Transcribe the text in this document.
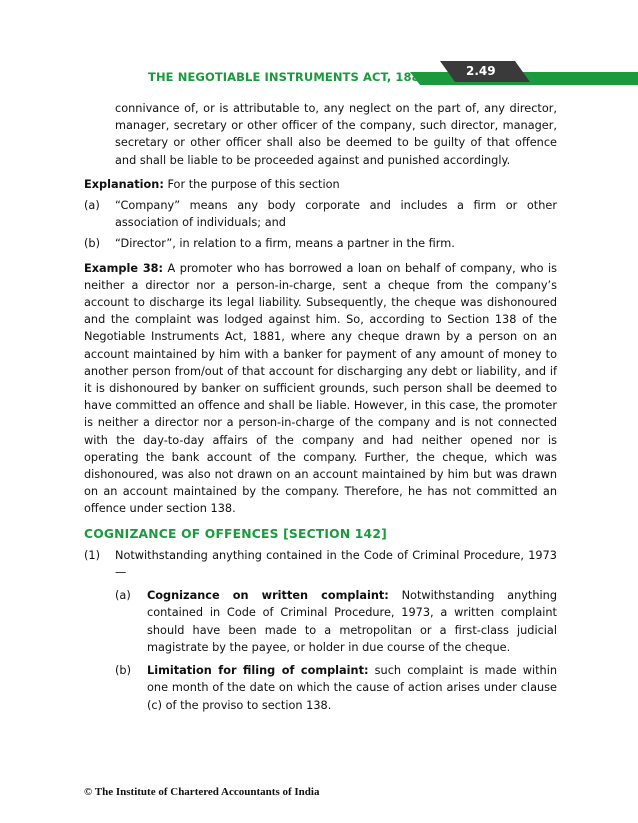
THE NEGOTIABLE INSTRUMENTS ACT, 1881	2.49

connivance of, or is attributable to, any neglect on the part of, any director, manager, secretary or other officer of the company, such director, manager, secretary or other officer shall also be deemed to be guilty of that offence and shall be liable to be proceeded against and punished accordingly.

Explanation: For the purpose of this section

(a)	“Company” means any body corporate and includes a firm or other association of individuals; and
(b)	“Director”, in relation to a firm, means a partner in the firm.

Example 38: A promoter who has borrowed a loan on behalf of company, who is neither a director nor a person-in-charge, sent a cheque from the company’s account to discharge its legal liability. Subsequently, the cheque was dishonoured and the complaint was lodged against him. So, according to Section 138 of the Negotiable Instruments Act, 1881, where any cheque drawn by a person on an account maintained by him with a banker for payment of any amount of money to another person from/out of that account for discharging any debt or liability, and if it is dishonoured by banker on sufficient grounds, such person shall be deemed to have committed an offence and shall be liable. However, in this case, the promoter is neither a director nor a person-in-charge of the company and is not connected with the day-to-day affairs of the company and had neither opened nor is operating the bank account of the company. Further, the cheque, which was dishonoured, was also not drawn on an account maintained by him but was drawn on an account maintained by the company. Therefore, he has not committed an offence under section 138.

COGNIZANCE OF OFFENCES [SECTION 142]
(1)	Notwithstanding anything contained in the Code of Criminal Procedure, 1973—
(a)	Cognizance on written complaint: Notwithstanding anything contained in Code of Criminal Procedure, 1973, a written complaint should have been made to a metropolitan or a first-class judicial magistrate by the payee, or holder in due course of the cheque.
(b)	Limitation for filing of complaint: such complaint is made within one month of the date on which the cause of action arises under clause (c) of the proviso to section 138.
© The Institute of Chartered Accountants of India
